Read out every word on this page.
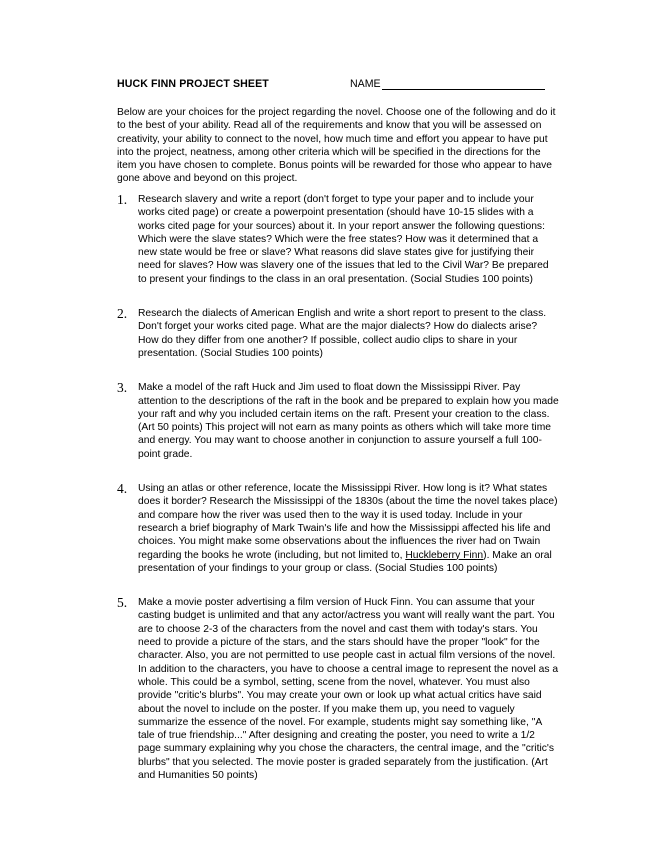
HUCK FINN PROJECT SHEET	NAME

Below are your choices for the project regarding the novel. Choose one of the following and do it to the best of your ability. Read all of the requirements and know that you will be assessed on creativity, your ability to connect to the novel, how much time and effort you appear to have put into the project, neatness, among other criteria which will be specified in the directions for the item you have chosen to complete. Bonus points will be rewarded for those who appear to have gone above and beyond on this project.

1.	Research slavery and write a report (don't forget to type your paper and to include your works cited page) or create a powerpoint presentation (should have 10-15 slides with a works cited page for your sources) about it. In your report answer the following questions: Which were the slave states? Which were the free states? How was it determined that a new state would be free or slave? What reasons did slave states give for justifying their need for slaves? How was slavery one of the issues that led to the Civil War? Be prepared to present your findings to the class in an oral presentation. (Social Studies 100 points)
2.	Research the dialects of American English and write a short report to present to the class. Don't forget your works cited page. What are the major dialects? How do dialects arise? How do they differ from one another? If possible, collect audio clips to share in your presentation. (Social Studies 100 points)
3.	Make a model of the raft Huck and Jim used to float down the Mississippi River. Pay attention to the descriptions of the raft in the book and be prepared to explain how you made your raft and why you included certain items on the raft. Present your creation to the class. (Art 50 points) This project will not earn as many points as others which will take more time and energy. You may want to choose another in conjunction to assure yourself a full 100-point grade.
4.	Using an atlas or other reference, locate the Mississippi River. How long is it? What states does it border? Research the Mississippi of the 1830s (about the time the novel takes place) and compare how the river was used then to the way it is used today. Include in your research a brief biography of Mark Twain's life and how the Mississippi affected his life and choices. You might make some observations about the influences the river had on Twain regarding the books he wrote (including, but not limited to, Huckleberry Finn). Make an oral presentation of your findings to your group or class. (Social Studies 100 points)
5.	Make a movie poster advertising a film version of Huck Finn. You can assume that your casting budget is unlimited and that any actor/actress you want will really want the part. You are to choose 2-3 of the characters from the novel and cast them with today's stars. You need to provide a picture of the stars, and the stars should have the proper "look" for the character. Also, you are not permitted to use people cast in actual film versions of the novel. In addition to the characters, you have to choose a central image to represent the novel as a whole. This could be a symbol, setting, scene from the novel, whatever. You must also provide "critic's blurbs". You may create your own or look up what actual critics have said about the novel to include on the poster. If you make them up, you need to vaguely summarize the essence of the novel. For example, students might say something like, "A tale of true friendship..." After designing and creating the poster, you need to write a 1/2 page summary explaining why you chose the characters, the central image, and the "critic's blurbs" that you selected. The movie poster is graded separately from the justification. (Art and Humanities 50 points)
